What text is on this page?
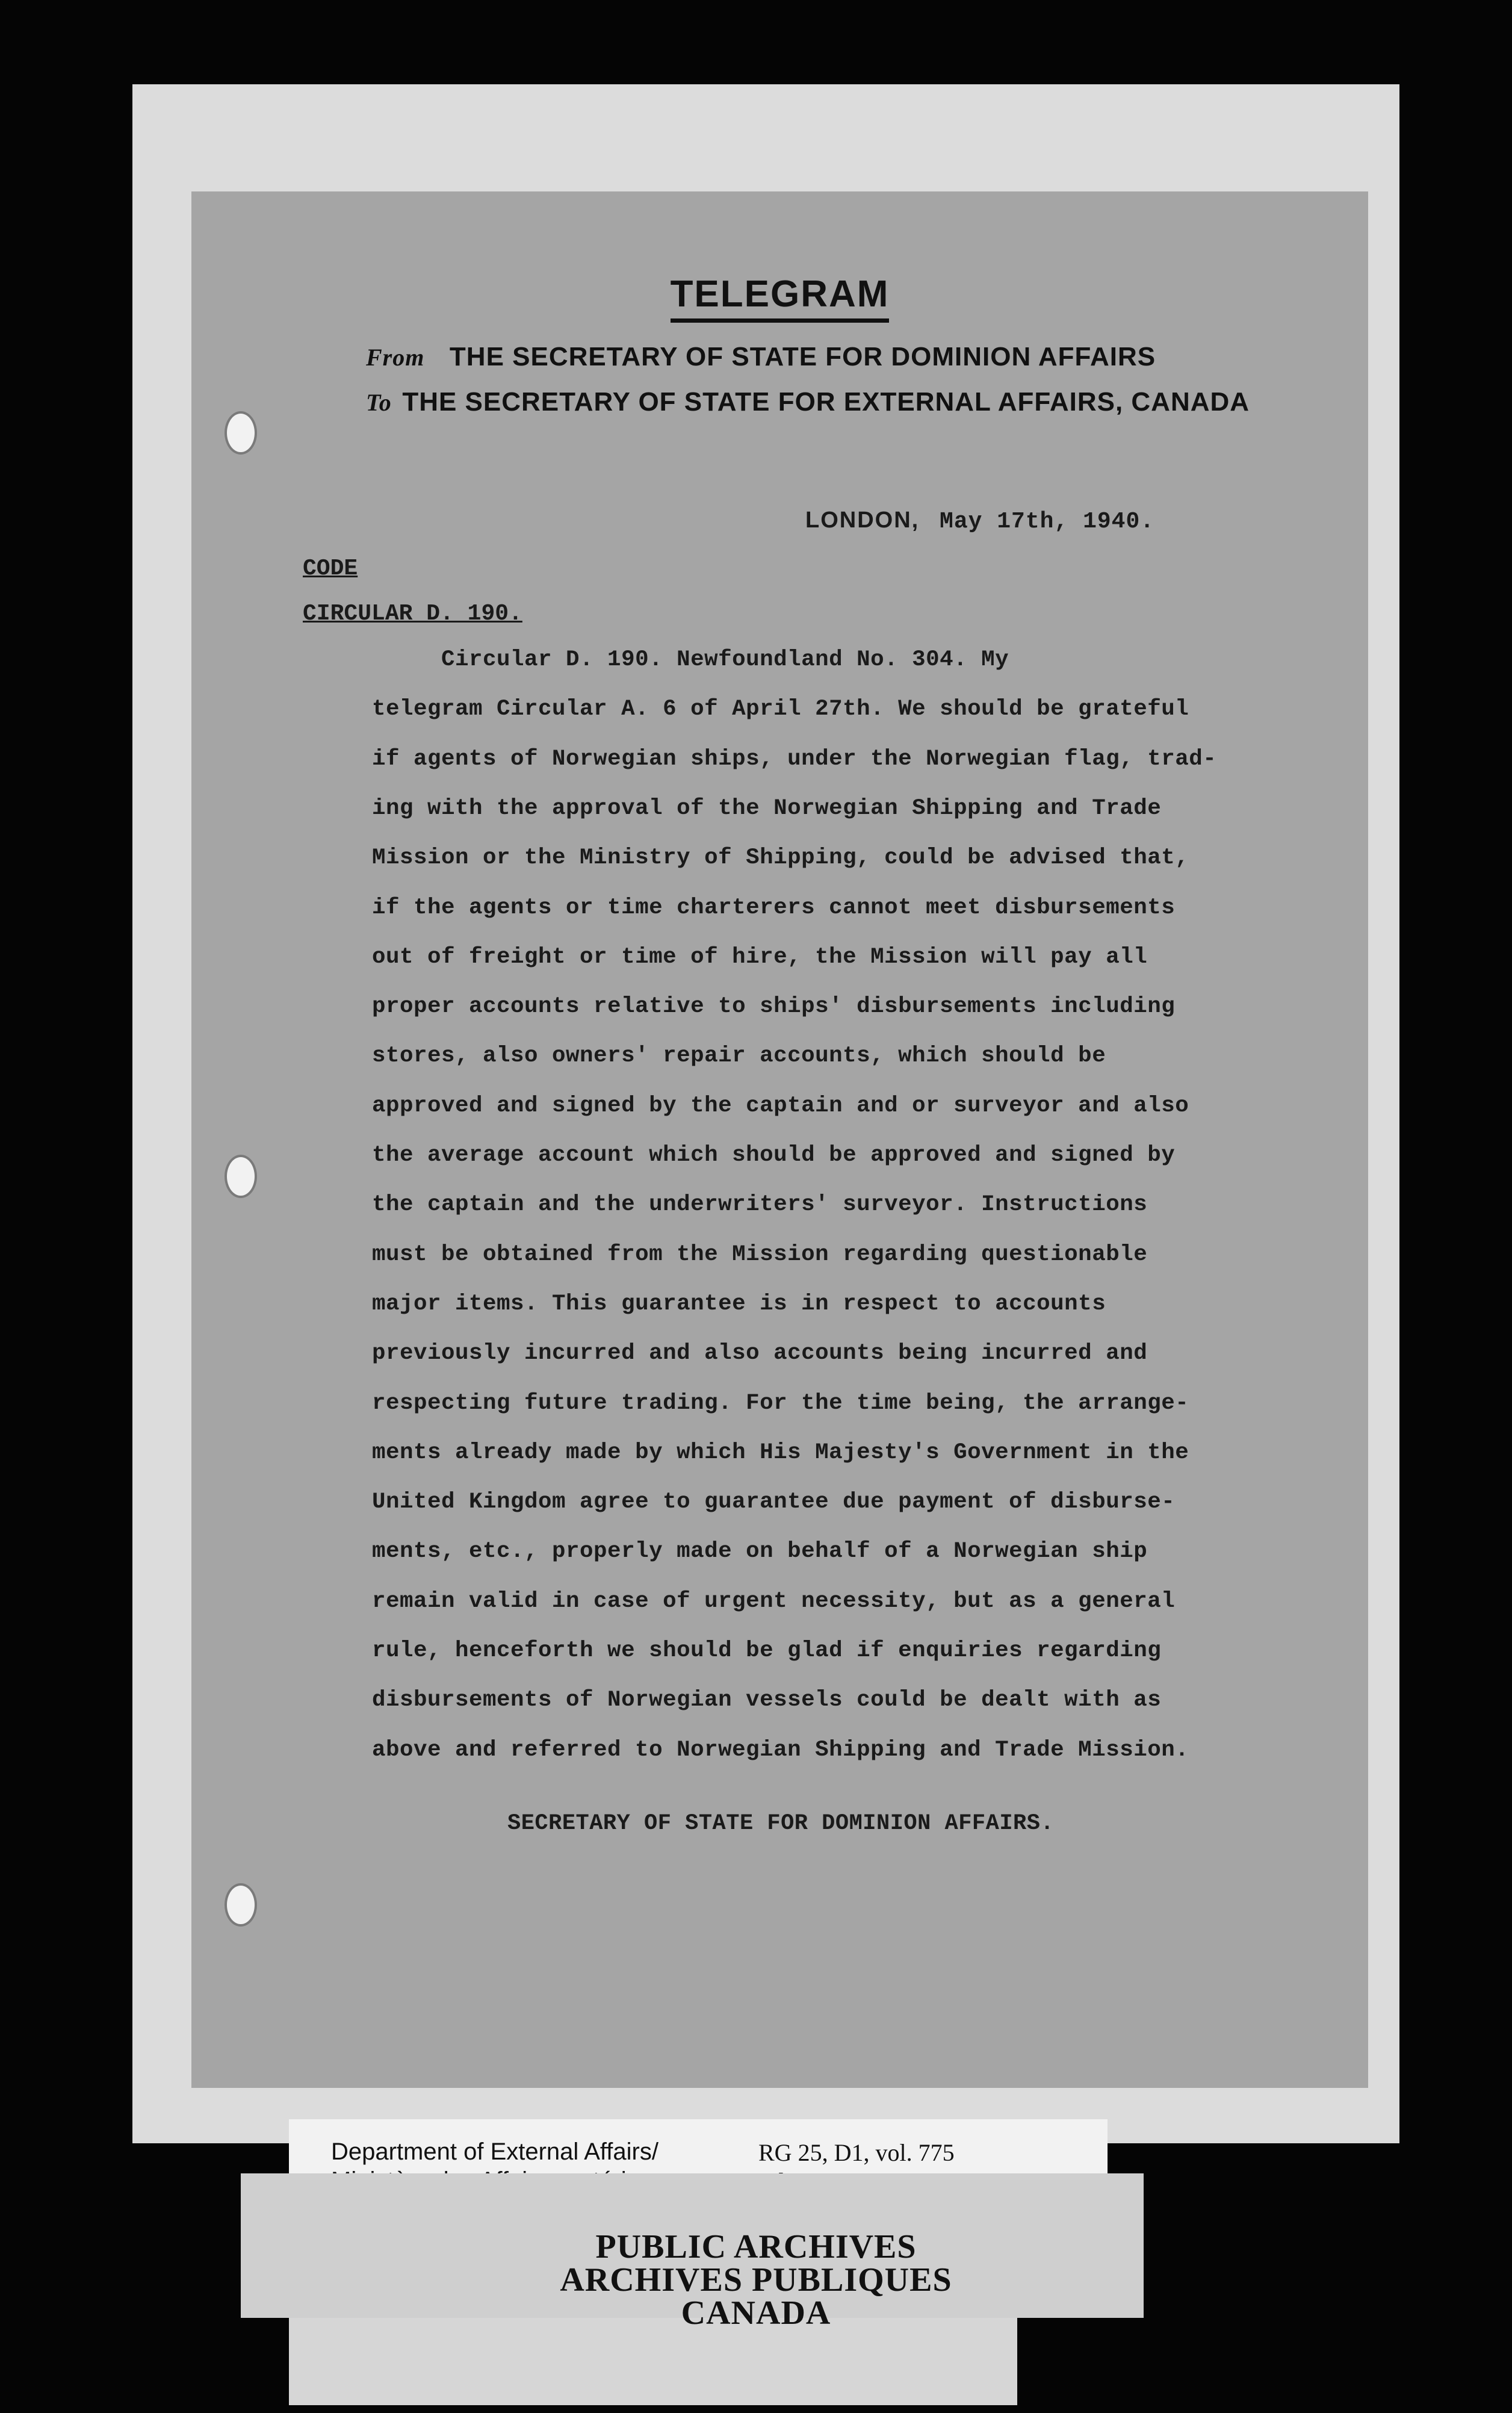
TELEGRAM
From THE SECRETARY OF STATE FOR DOMINION AFFAIRS
To THE SECRETARY OF STATE FOR EXTERNAL AFFAIRS, CANADA
LONDON, May 17th, 1940.
CODE
CIRCULAR D. 190.
Circular D. 190. Newfoundland No. 304. My
telegram Circular A. 6 of April 27th. We should be grateful
if agents of Norwegian ships, under the Norwegian flag, trad-
ing with the approval of the Norwegian Shipping and Trade
Mission or the Ministry of Shipping, could be advised that,
if the agents or time charterers cannot meet disbursements
out of freight or time of hire, the Mission will pay all
proper accounts relative to ships' disbursements including
stores, also owners' repair accounts, which should be
approved and signed by the captain and or surveyor and also
the average account which should be approved and signed by
the captain and the underwriters' surveyor. Instructions
must be obtained from the Mission regarding questionable
major items. This guarantee is in respect to accounts
previously incurred and also accounts being incurred and
respecting future trading. For the time being, the arrange-
ments already made by which His Majesty's Government in the
United Kingdom agree to guarantee due payment of disburse-
ments, etc., properly made on behalf of a Norwegian ship
remain valid in case of urgent necessity, but as a general
rule, henceforth we should be glad if enquiries regarding
disbursements of Norwegian vessels could be dealt with as
above and referred to Norwegian Shipping and Trade Mission.
SECRETARY OF STATE FOR DOMINION AFFAIRS.
Department of External Affairs/	RG 25, D1, vol. 775
PUBLIC ARCHIVES
ARCHIVES PUBLIQUES
CANADA
